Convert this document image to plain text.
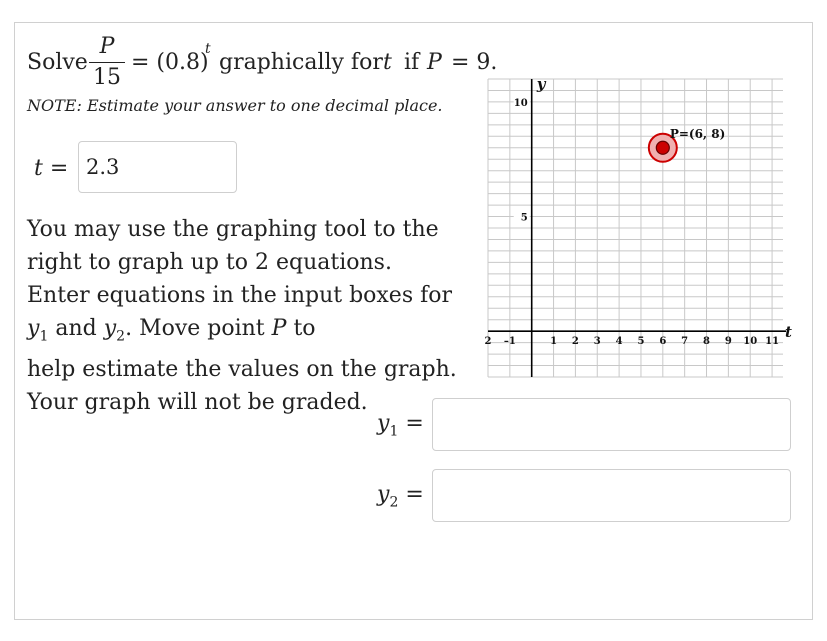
Solve
P
15
= (0.8)
t
graphically for t if P = 9.
NOTE: Estimate your answer to one decimal place.
t =
2.3
You may use the graphing tool to the
right to graph up to 2 equations.
Enter equations in the input boxes for
$y_1$ and $y_2$. Move point P to
help estimate the values on the graph.
Your graph will not be graded.
$y_1$ =
$y_2$ =
2 –1	1 2 3 4 5 6 7 8 9 10 11
5
10
t
y
P=(6, 8)
